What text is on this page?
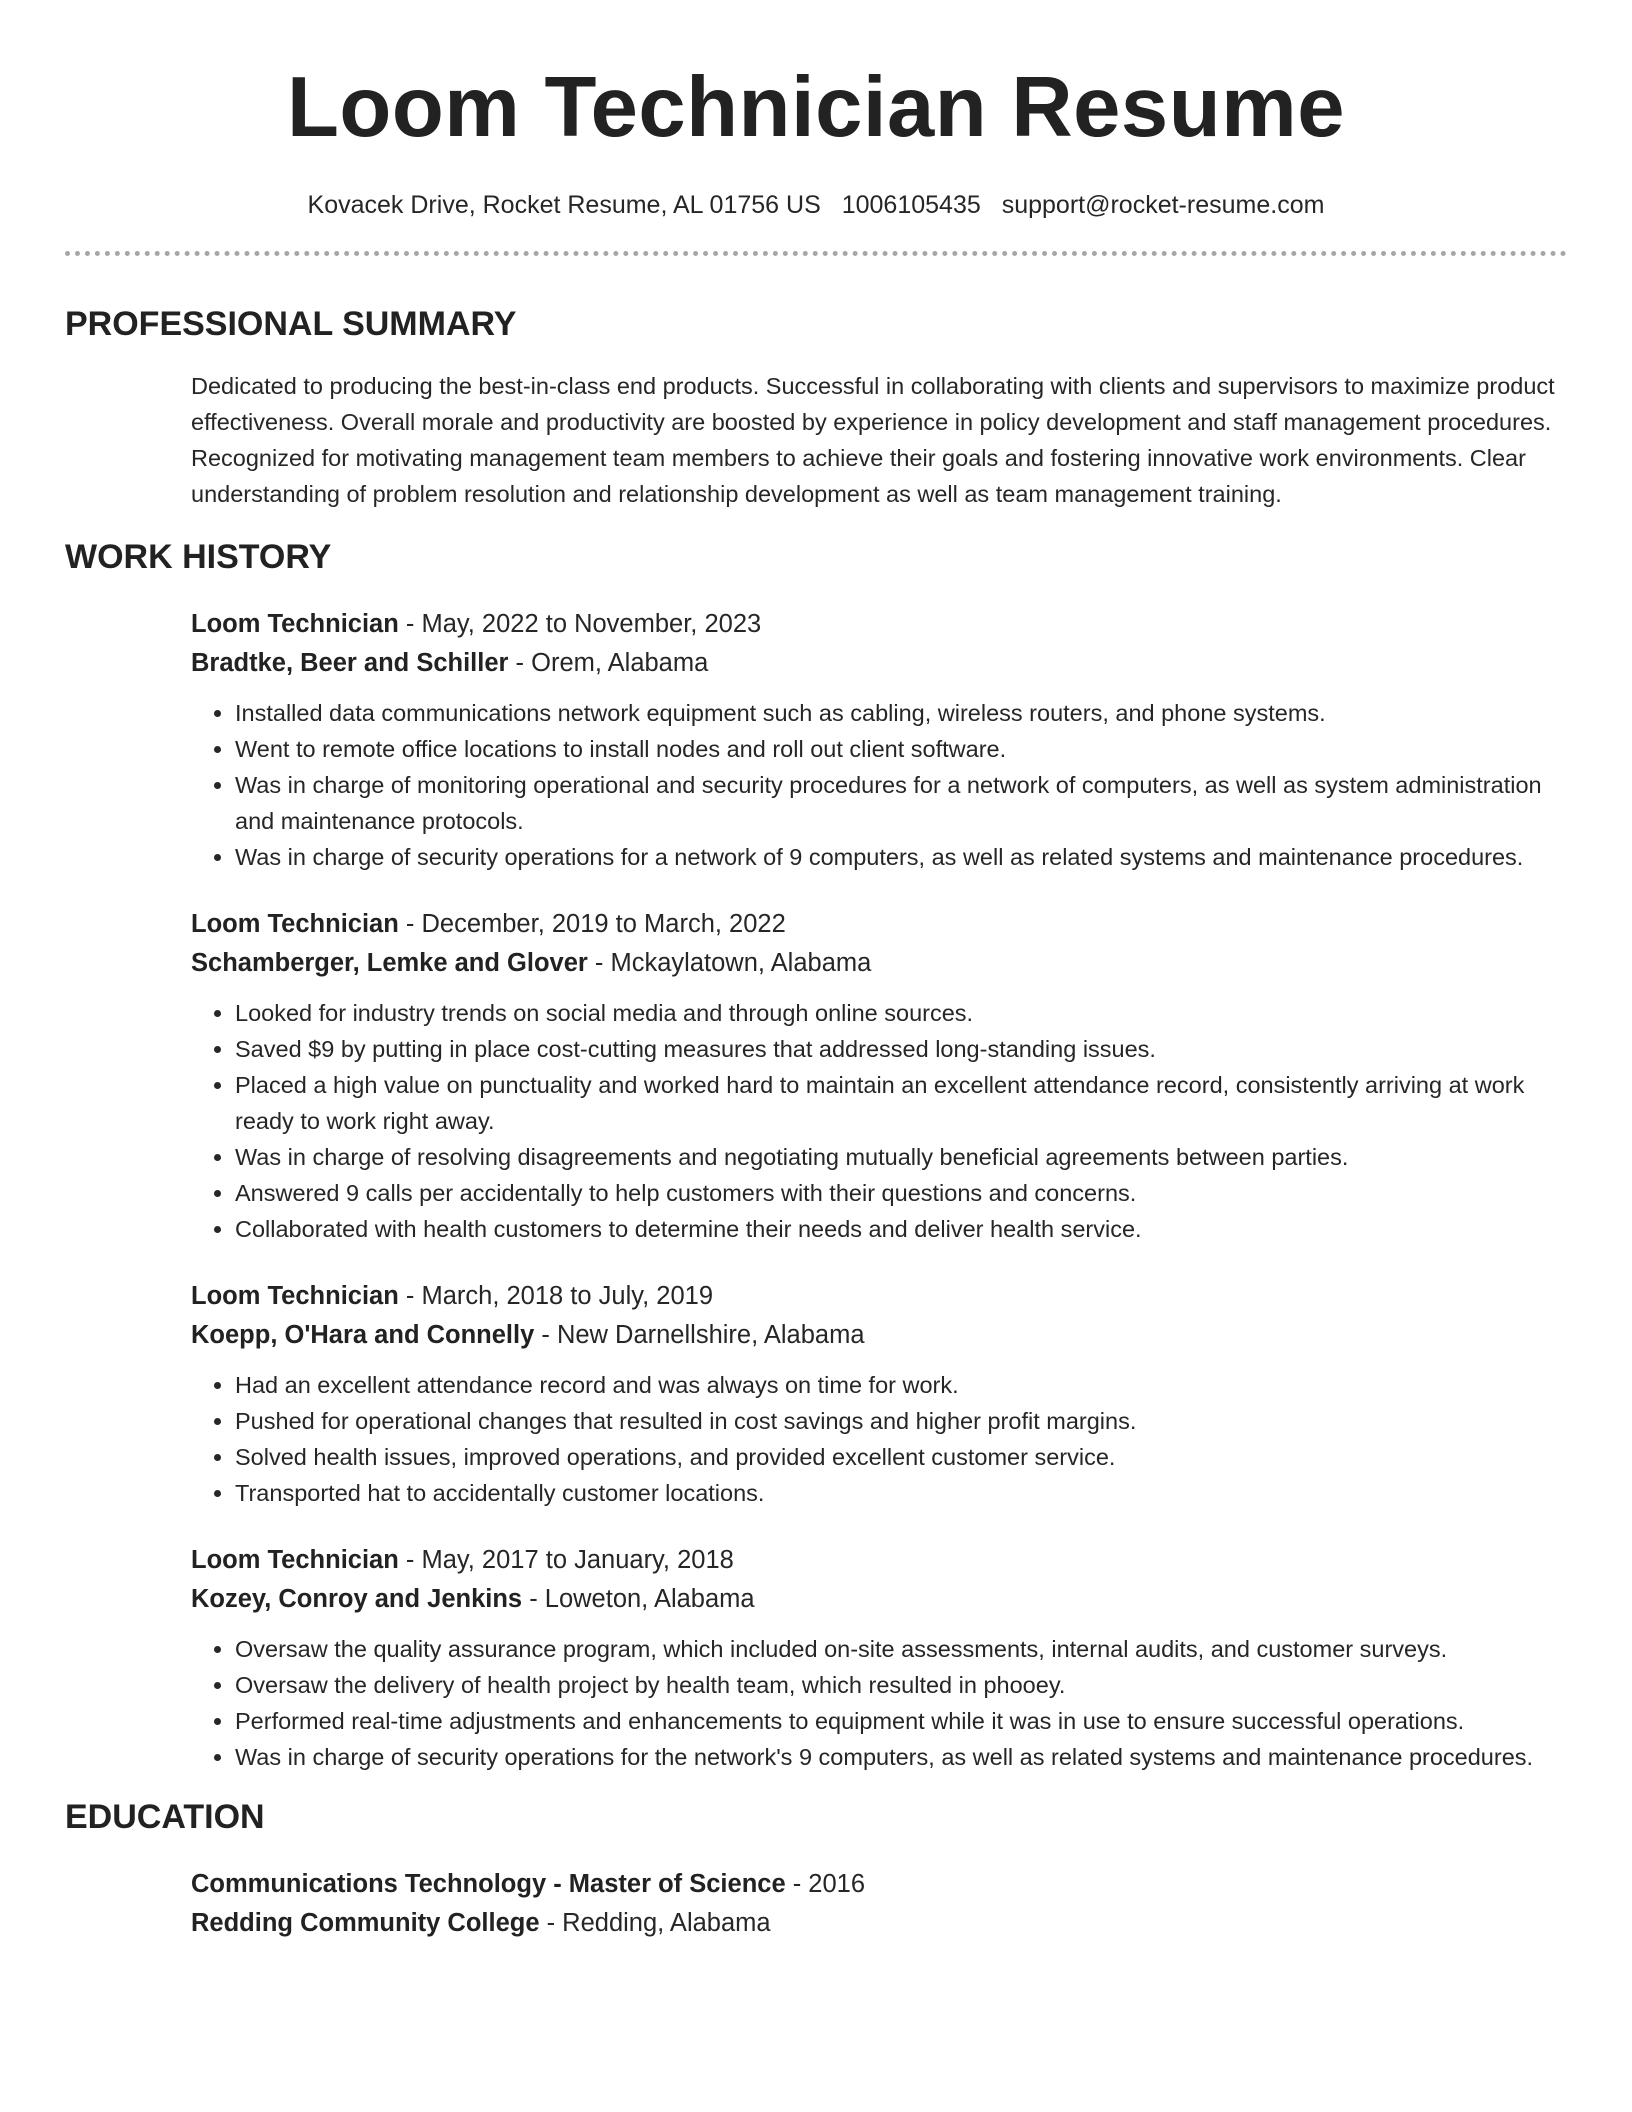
Loom Technician Resume
Kovacek Drive, Rocket Resume, AL 01756 US 1006105435 support@rocket-resume.com
PROFESSIONAL SUMMARY

Dedicated to producing the best-in-class end products. Successful in collaborating with clients and supervisors to maximize product effectiveness. Overall morale and productivity are boosted by experience in policy development and staff management procedures. Recognized for motivating management team members to achieve their goals and fostering innovative work environments. Clear understanding of problem resolution and relationship development as well as team management training.

WORK HISTORY
Loom Technician - May, 2022 to November, 2023
Bradtke, Beer and Schiller - Orem, Alabama
• Installed data communications network equipment such as cabling, wireless routers, and phone systems.
• Went to remote office locations to install nodes and roll out client software.
• Was in charge of monitoring operational and security procedures for a network of computers, as well as system administration and maintenance protocols.
• Was in charge of security operations for a network of 9 computers, as well as related systems and maintenance procedures.
Loom Technician - December, 2019 to March, 2022
Schamberger, Lemke and Glover - Mckaylatown, Alabama
• Looked for industry trends on social media and through online sources.
• Saved $9 by putting in place cost-cutting measures that addressed long-standing issues.
• Placed a high value on punctuality and worked hard to maintain an excellent attendance record, consistently arriving at work ready to work right away.
• Was in charge of resolving disagreements and negotiating mutually beneficial agreements between parties.
• Answered 9 calls per accidentally to help customers with their questions and concerns.
• Collaborated with health customers to determine their needs and deliver health service.
Loom Technician - March, 2018 to July, 2019
Koepp, O'Hara and Connelly - New Darnellshire, Alabama
• Had an excellent attendance record and was always on time for work.
• Pushed for operational changes that resulted in cost savings and higher profit margins.
• Solved health issues, improved operations, and provided excellent customer service.
• Transported hat to accidentally customer locations.
Loom Technician - May, 2017 to January, 2018
Kozey, Conroy and Jenkins - Loweton, Alabama
• Oversaw the quality assurance program, which included on-site assessments, internal audits, and customer surveys.
• Oversaw the delivery of health project by health team, which resulted in phooey.
• Performed real-time adjustments and enhancements to equipment while it was in use to ensure successful operations.
• Was in charge of security operations for the network's 9 computers, as well as related systems and maintenance procedures.
EDUCATION
Communications Technology - Master of Science - 2016
Redding Community College - Redding, Alabama
